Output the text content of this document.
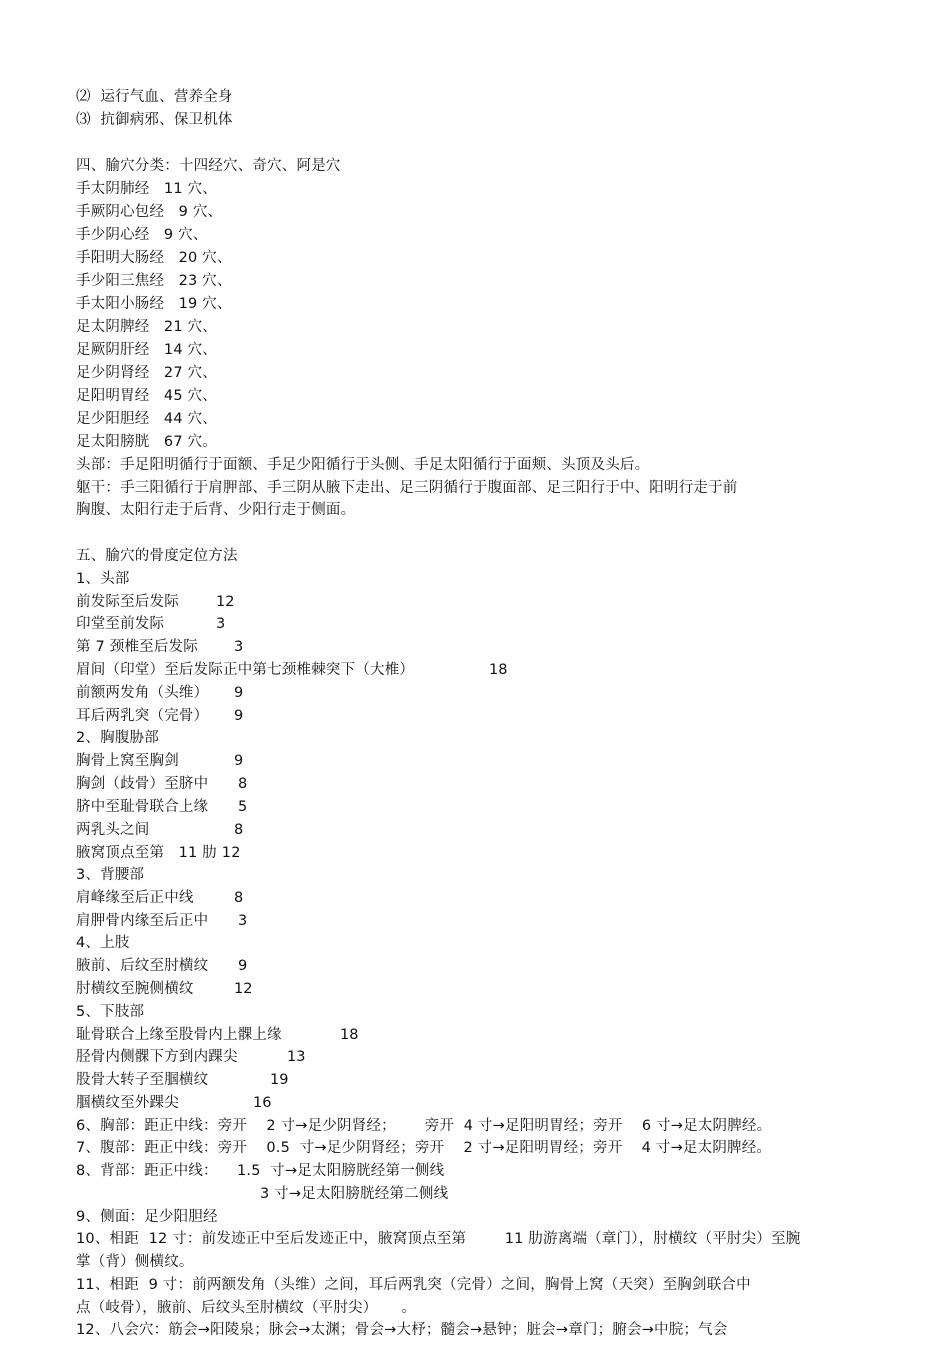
⑵  运行气血、营养全身
⑶  抗御病邪、保卫机体
四、腧穴分类：十四经穴、奇穴、阿是穴
手太阴肺经   11 穴、
手厥阴心包经   9 穴、
手少阴心经   9 穴、
手阳明大肠经   20 穴、
手少阳三焦经   23 穴、
手太阳小肠经   19 穴、
足太阴脾经   21 穴、
足厥阴肝经   14 穴、
足少阴肾经   27 穴、
足阳明胃经   45 穴、
足少阳胆经   44 穴、
足太阳膀胱   67 穴。
头部：手足阳明循行于面额、手足少阳循行于头侧、手足太阳循行于面颊、头顶及头后。
躯干：手三阳循行于肩胛部、手三阴从腋下走出、足三阴循行于腹面部、足三阳行于中、阳明行走于前
胸腹、太阳行走于后背、少阳行走于侧面。
五、腧穴的骨度定位方法
1、头部
前发际至后发际	12
印堂至前发际	3
第 7 颈椎至后发际 3
眉间（印堂）至后发际正中第七颈椎棘突下（大椎）	18
前额两发角（头维） 9
耳后两乳突（完骨） 9
2、胸腹胁部
胸骨上窝至胸剑	9
胸剑（歧骨）至脐中 8
脐中至耻骨联合上缘 5
两乳头之间	8
腋窝顶点至第   11 肋 12
3、背腰部
肩峰缘至后正中线	8
肩胛骨内缘至后正中 3
4、上肢
腋前、后纹至肘横纹 9
肘横纹至腕侧横纹	12
5、下肢部
耻骨联合上缘至股骨内上髁上缘	18
胫骨内侧髁下方到内踝尖	13
股骨大转子至腘横纹	19
腘横纹至外踝尖	16
6、胸部：距正中线：旁开    2 寸→足少阴肾经；      旁开  4 寸→足阳明胃经；旁开    6 寸→足太阴脾经。
7、腹部：距正中线：旁开    0.5  寸→足少阴肾经；旁开    2 寸→足阳明胃经；旁开    4 寸→足太阴脾经。
8、背部：距正中线：    1.5  寸→足太阳膀胱经第一侧线
3 寸→足太阳膀胱经第二侧线
9、侧面：足少阳胆经
10、相距  12 寸：前发迹正中至后发迹正中，腋窝顶点至第        11 肋游离端（章门），肘横纹（平肘尖）至腕
掌（背）侧横纹。
11、相距  9 寸：前两额发角（头维）之间，耳后两乳突（完骨）之间，胸骨上窝（天突）至胸剑联合中
点（岐骨），腋前、后纹头至肘横纹（平肘尖）     。
12、八会穴：筋会→阳陵泉；脉会→太渊；骨会→大杼；髓会→悬钟；脏会→章门；腑会→中脘；气会
